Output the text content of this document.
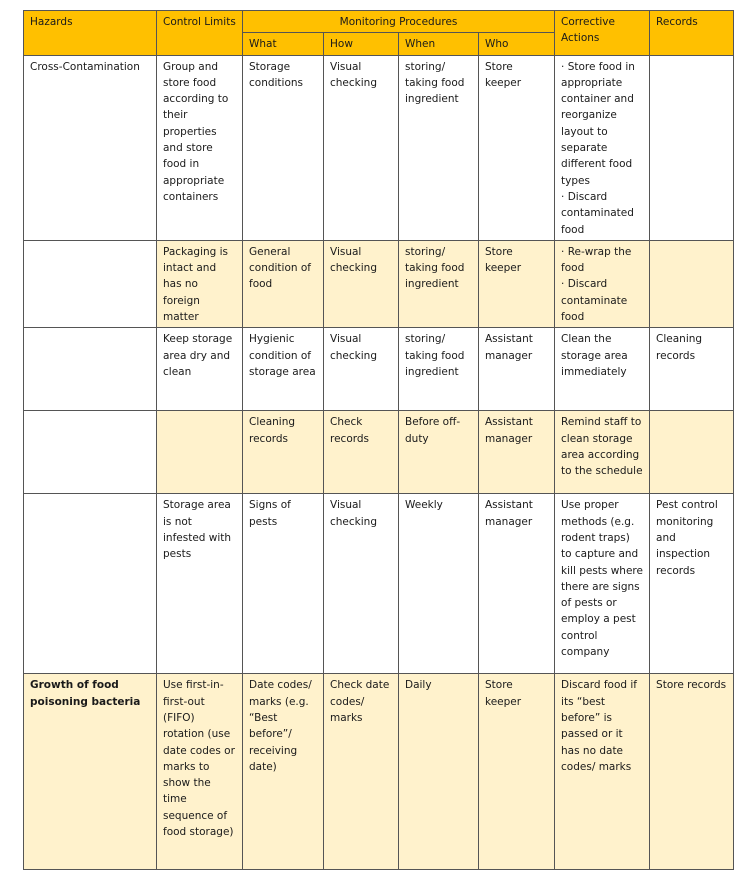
Hazards	Control Limits	Monitoring Procedures				Corrective Actions	Records
		What	How	When	Who		
Cross-Contamination	Group and store food according to their properties and store food in appropriate containers	Storage conditions	Visual checking	storing/ taking food ingredient	Store keeper	· Store food in appropriate container and reorganize layout to separate different food types
· Discard contaminated food	
	Packaging is intact and has no foreign matter	General condition of food	Visual checking	storing/ taking food ingredient	Store keeper	· Re-wrap the food
· Discard contaminate food	
	Keep storage area dry and clean	Hygienic condition of storage area	Visual checking	storing/ taking food ingredient	Assistant manager	Clean the storage area immediately	Cleaning records
		Cleaning records	Check records	Before off-duty	Assistant manager	Remind staff to clean storage area according to the schedule	
	Storage area is not infested with pests	Signs of pests	Visual checking	Weekly	Assistant manager	Use proper methods (e.g. rodent traps) to capture and kill pests where there are signs of pests or employ a pest control company	Pest control monitoring and inspection records
Growth of food poisoning bacteria	Use first-in-first-out (FIFO) rotation (use date codes or marks to show the time sequence of food storage)	Date codes/ marks (e.g. “Best before”/ receiving date)	Check date codes/ marks	Daily	Store keeper	Discard food if its “best before” is passed or it has no date codes/ marks	Store records
